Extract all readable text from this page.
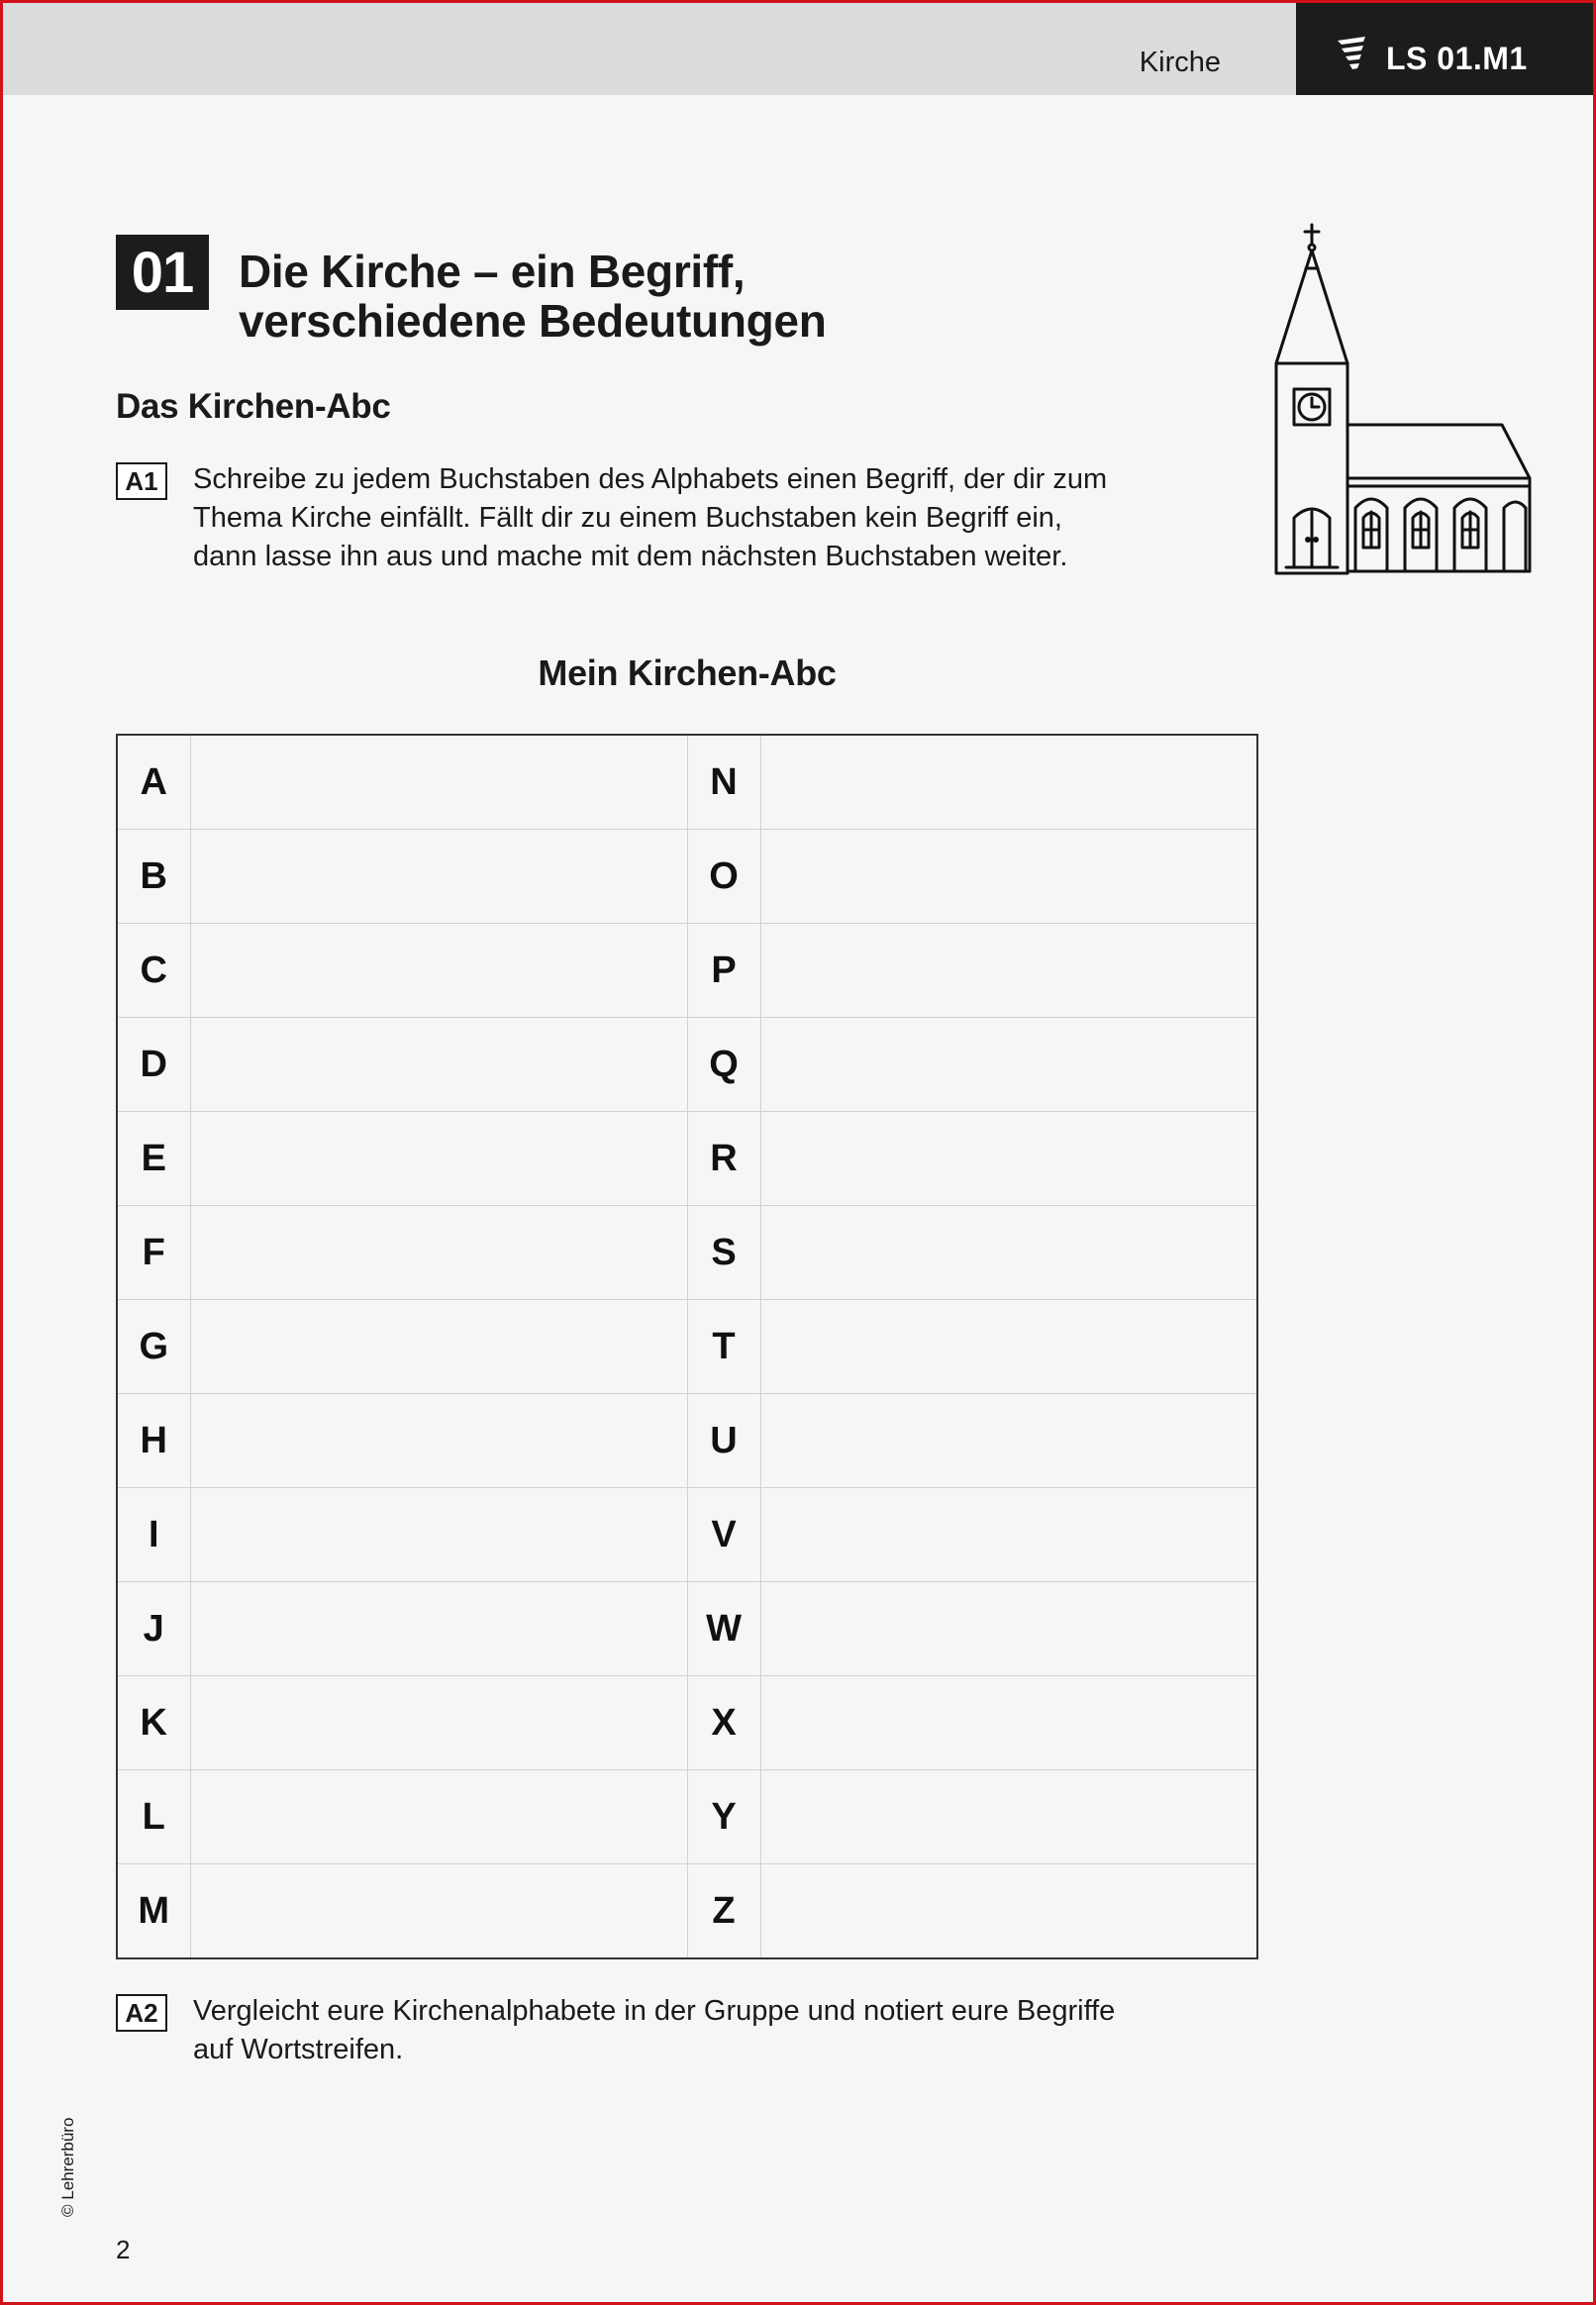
Kirche	LS 01.M1
01 Die Kirche – ein Begriff,
verschiedene Bedeutungen
Das Kirchen-Abc
A1	Schreibe zu jedem Buchstaben des Alphabets einen Begriff, der dir zum
Thema Kirche einfällt. Fällt dir zu einem Buchstaben kein Begriff ein,
dann lasse ihn aus und mache mit dem nächsten Buchstaben weiter.
Mein Kirchen-Abc
A		N	
B		O	
C		P	
D		Q	
E		R	
F		S	
G		T	
H		U	
I		V	
J		W	
K		X	
L		Y	
M		Z	
A2	Vergleicht eure Kirchenalphabete in der Gruppe und notiert eure Begriffe
auf Wortstreifen.
© Lehrerbüro
2
